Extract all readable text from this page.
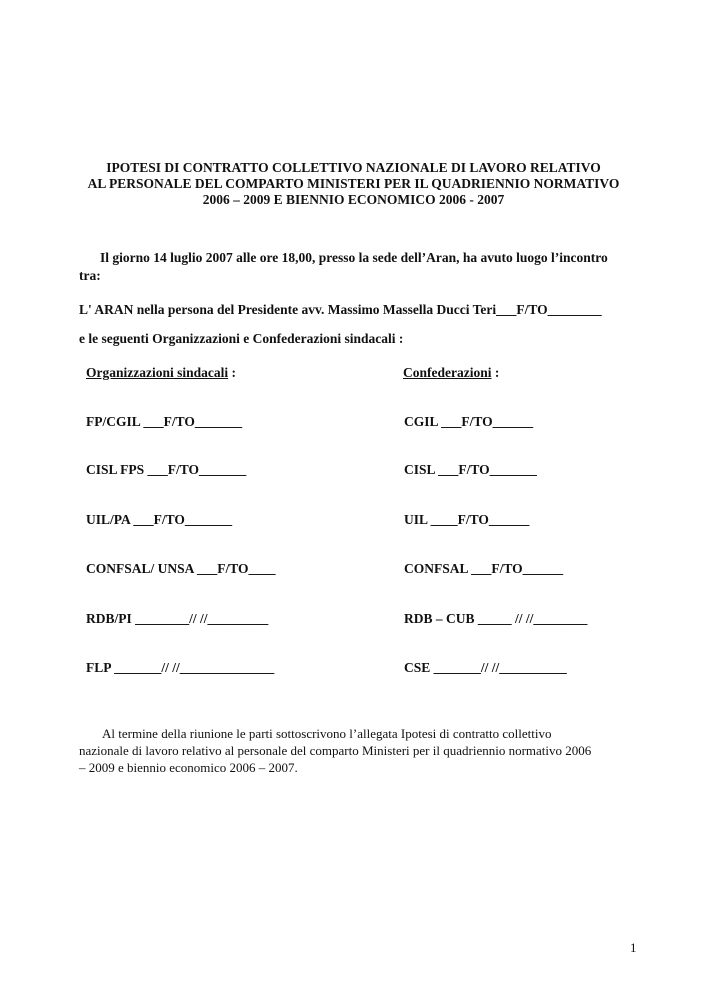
IPOTESI DI CONTRATTO COLLETTIVO NAZIONALE DI LAVORO RELATIVO
AL PERSONALE DEL COMPARTO MINISTERI PER IL QUADRIENNIO NORMATIVO
2006 – 2009 E BIENNIO ECONOMICO 2006 - 2007
Il giorno 14 luglio 2007 alle ore 18,00, presso la sede dell’Aran, ha avuto luogo l’incontro
tra:
L' ARAN nella persona del Presidente avv. Massimo Massella Ducci Teri___F/TO________
e le seguenti Organizzazioni e Confederazioni sindacali :
Organizzazioni sindacali :	Confederazioni :
FP/CGIL ___F/TO_______
CISL FPS ___F/TO_______
UIL/PA ___F/TO_______
CONFSAL/ UNSA ___F/TO____
RDB/PI ________// //_________
FLP _______// //______________
CGIL ___F/TO______
CISL ___F/TO_______
UIL ____F/TO______
CONFSAL ___F/TO______
RDB – CUB _____ // //________
CSE _______// //__________
Al termine della riunione le parti sottoscrivono l’allegata Ipotesi di contratto collettivo
nazionale di lavoro relativo al personale del comparto Ministeri per il quadriennio normativo 2006
– 2009 e biennio economico 2006 – 2007.
1
